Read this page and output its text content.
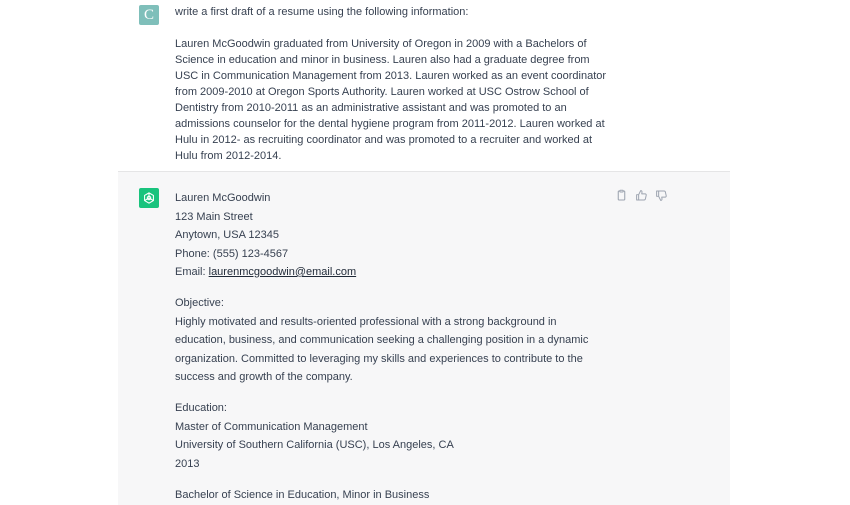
C	write a first draft of a resume using the following information:

Lauren McGoodwin graduated from University of Oregon in 2009 with a Bachelors of Science in education and minor in business. Lauren also had a graduate degree from USC in Communication Management from 2013. Lauren worked as an event coordinator from 2009-2010 at Oregon Sports Authority. Lauren worked at USC Ostrow School of Dentistry from 2010-2011 as an administrative assistant and was promoted to an admissions counselor for the dental hygiene program from 2011-2012. Lauren worked at Hulu in 2012- as recruiting coordinator and was promoted to a recruiter and worked at Hulu from 2012-2014.

Lauren McGoodwin
123 Main Street
Anytown, USA 12345
Phone: (555) 123-4567
Email: laurenmcgoodwin@email.com
Objective:
Highly motivated and results-oriented professional with a strong background in education, business, and communication seeking a challenging position in a dynamic organization. Committed to leveraging my skills and experiences to contribute to the success and growth of the company.
Education:
Master of Communication Management
University of Southern California (USC), Los Angeles, CA
2013
Bachelor of Science in Education, Minor in Business
